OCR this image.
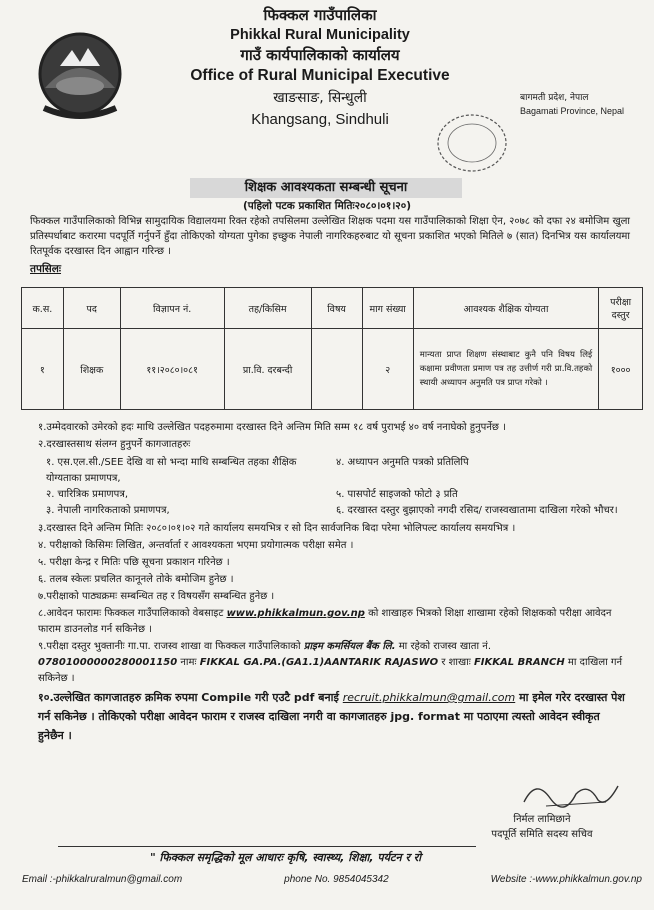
फिक्कल गाउँपालिका
Phikkal Rural Municipality
गाउँ कार्यपालिकाको कार्यालय
Office of Rural Municipal Executive
खाङसाङ, सिन्धुली
Khangsang, Sindhuli
बागमती प्रदेश, नेपाल
Bagamati Province, Nepal
शिक्षक आवश्यकता सम्बन्धी सूचना
(पहिलो पटक प्रकाशित मितिः२०८०।०१।२०)
फिक्कल गाउँपालिकाको विभिन्न सामुदायिक विद्यालयमा रिक्त रहेको तपसिलमा उल्लेखित शिक्षक पदमा यस गाउँपालिकाको शिक्षा ऐन, २०७८ को दफा २४ बमोजिम खुला प्रतिस्पर्धाबाट करारमा पदपूर्ति गर्नुपर्ने हुँदा तोकिएको योग्यता पुगेका इच्छुक नेपाली नागरिकहरुबाट यो सूचना प्रकाशित भएको मितिले ७ (सात) दिनभित्र यस कार्यालयमा रितपूर्वक दरखास्त दिन आह्वान गरिन्छ ।
तपसिलः
क.स.	पद	विज्ञापन नं.	तह/किसिम	विषय	माग संख्या	आवश्यक शैक्षिक योग्यता	परीक्षा दस्तुर
१	शिक्षक	११।२०८०।०८१	प्रा.वि. दरबन्दी		२	मान्यता प्राप्त शिक्षण संस्थाबाट कुनै पनि विषय लिई कक्षामा प्रवीणता प्रमाण पत्र तह उत्तीर्ण गरी प्रा.वि.तहको स्थायी अध्यापन अनुमति पत्र प्राप्त गरेको ।	१०००
१.उम्मेदवारको उमेरको हदः माथि उल्लेखित पदहरुमामा दरखास्त दिने अन्तिम मिति सम्म १८ वर्ष पुराभई ४० वर्ष ननाघेको हुनुपर्नेछ ।
२.दरखास्तसाथ संलग्न हुनुपर्ने कागजातहरुः
१. एस.एल.सी./SEE देखि वा सो भन्दा माथि सम्बन्धित तहका शैक्षिक योग्यताका प्रमाणपत्र,
४. अध्यापन अनुमति पत्रको प्रतिलिपि
२. चारित्रिक प्रमाणपत्र,	५. पासपोर्ट साइजको फोटो ३ प्रति
३. नेपाली नागरिकताको प्रमाणपत्र,	६. दरखास्त दस्तुर बुझाएको नगदी रसिद/ राजस्वखातामा दाखिला गरेको भौचर।
३.दरखास्त दिने अन्तिम मितिः २०८०।०१।०२ गते कार्यालय समयभित्र र सो दिन सार्वजनिक बिदा परेमा भोलिपल्ट कार्यालय समयभित्र ।
४. परीक्षाको किसिमः लिखित, अन्तर्वार्ता र आवश्यकता भएमा प्रयोगात्मक परीक्षा समेत ।
५. परीक्षा केन्द्र र मितिः पछि सूचना प्रकाशन गरिनेछ ।
६. तलब स्केलः प्रचलित कानूनले तोके बमोजिम हुनेछ ।
७.परीक्षाको पाठ्यक्रमः सम्बन्धित तह र विषयसँग सम्बन्धित हुनेछ ।
८.आवेदन फारामः फिक्कल गाउँपालिकाको वेबसाइट www.phikkalmun.gov.np को शाखाहरु भित्रको शिक्षा शाखामा रहेको शिक्षकको परीक्षा आवेदन फाराम डाउनलोड गर्न सकिनेछ ।
९.परीक्षा दस्तुर भुक्तानीः गा.पा. राजस्व शाखा वा फिक्कल गाउँपालिकाको प्राइम कमर्सियल बैंक लि. मा रहेको राजस्व खाता नं. 07801000000280001150 नामः FIKKAL GA.PA.(GA1.1)AANTARIK RAJASWO र शाखाः FIKKAL BRANCH मा दाखिला गर्न सकिनेछ ।
१०.उल्लेखित कागजातहरु क्रमिक रुपमा Compile गरी एउटै pdf बनाई recruit.phikkalmun@gmail.com मा इमेल गरेर दरखास्त पेश गर्न सकिनेछ । तोकिएको परीक्षा आवेदन फाराम र राजस्व दाखिला नगरी वा कागजातहरु jpg. format मा पठाएमा त्यस्तो आवेदन स्वीकृत हुनेछैन ।
निर्मल लामिछाने
पदपूर्ति समिति सदस्य सचिव
" फिक्कल समृद्धिको मूल आधारः कृषि, स्वास्थ्य, शिक्षा, पर्यटन र रो
Email :-phikkalruralmun@gmail.com	phone No. 9854045342	Website :-www.phikkalmun.gov.np
